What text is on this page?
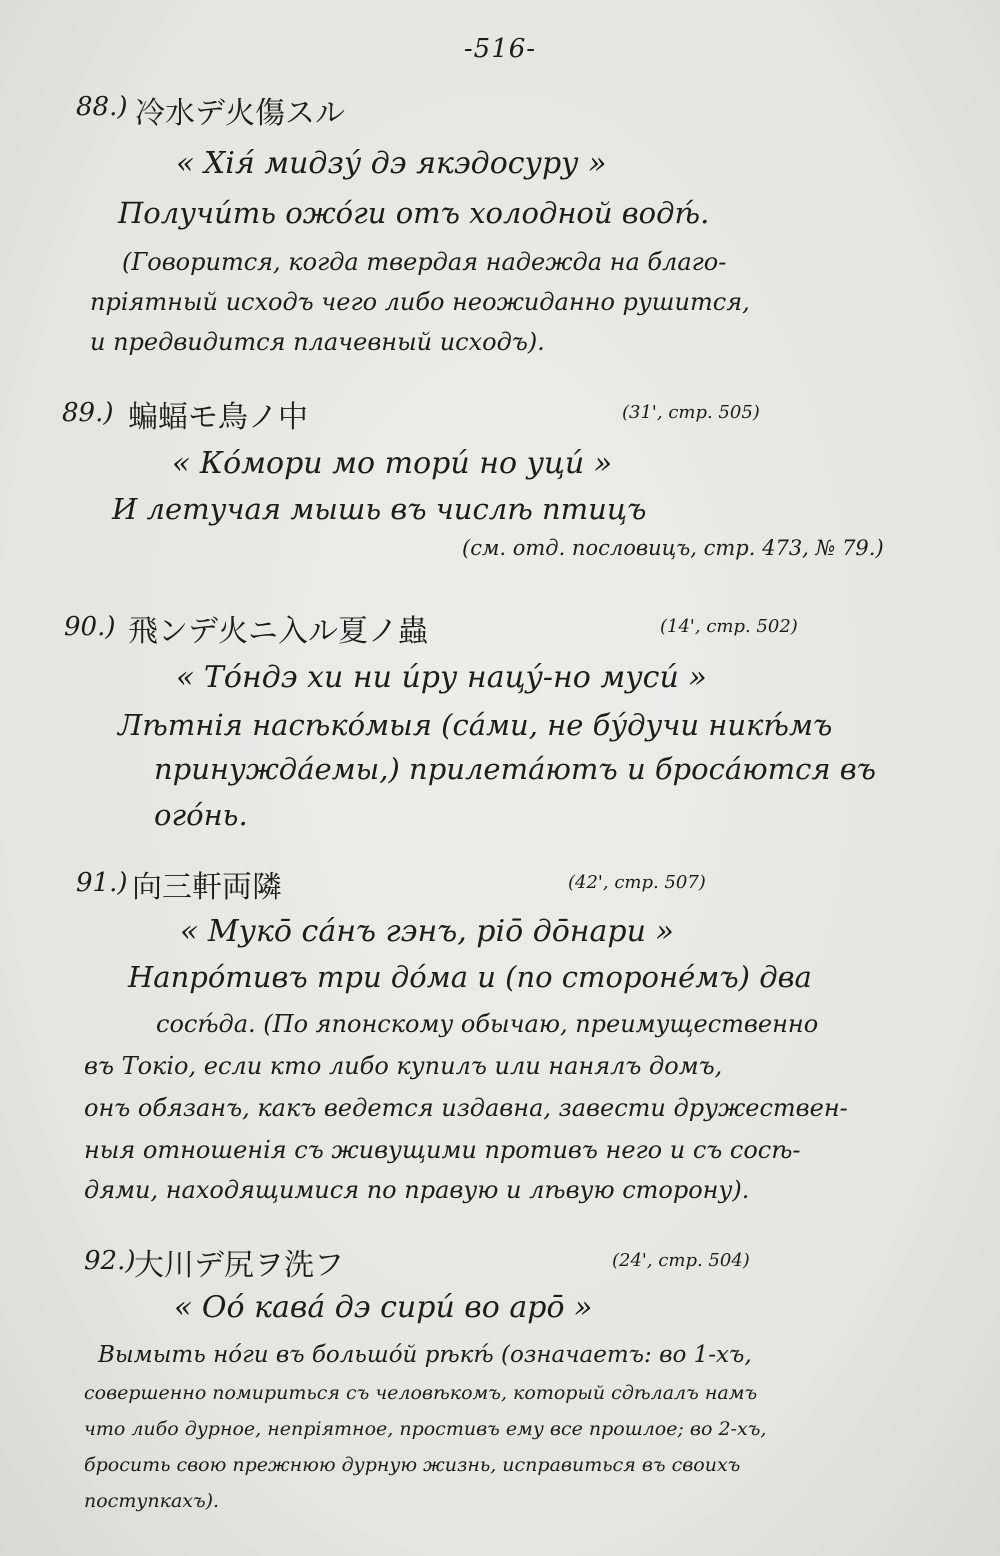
-516-
88.) 冷水デ火傷スル
« Хія́ мидзу́ дэ якэдосуру »
Получи́ть ожо́ги отъ холодной водѣ́.
(Говорится, когда твердая надежда на благо-
пріятный исходъ чего либо неожиданно рушится,
и предвидится плачевный исходъ).
89.) 蝙蝠モ鳥ノ中	(31', стр. 505)
« Ко́мори мо тори́ но уци́ »
И летучая мышь въ числѣ птицъ
(см. отд. пословицъ, стр. 473, № 79.)
90.) 飛ンデ火ニ入ル夏ノ蟲	(14', стр. 502)
« То́ндэ хи ни и́ру нацу́-но муси́ »
Лѣтнія насѣко́мыя (са́ми, не бу́дучи никѣ́мъ
принужда́емы,) прилета́ютъ и броса́ются въ
огóнь.
91.) 向三軒両隣	(42', стр. 507)
« Муко̄ са́нъ гэнъ, ріō до̄нари »
Напро́тивъ три до́ма и (по стороне́мъ) два
сосѣ́да. (По японскому обычаю, преимущественно
въ Токіо, если кто либо купилъ или нанялъ домъ,
онъ обязанъ, какъ ведется издавна, завести дружествен-
ныя отношенія съ живущими противъ него и съ сосѣ-
дями, находящимися по правую и лѣвую сторону).
92.)
大川デ尻ヲ洗フ	(24', стр. 504)
« Оо́ кава́ дэ сири́ во аро̄ »
Вымыть но́ги въ большо́й рѣкѣ́ (означаетъ: во 1-хъ,
совершенно помириться съ человѣкомъ, который сдѣлалъ намъ
что либо дурное, непріятное, простивъ ему все прошлое; во 2-хъ,
бросить свою прежнюю дурную жизнь, исправиться въ своихъ
поступкахъ).
